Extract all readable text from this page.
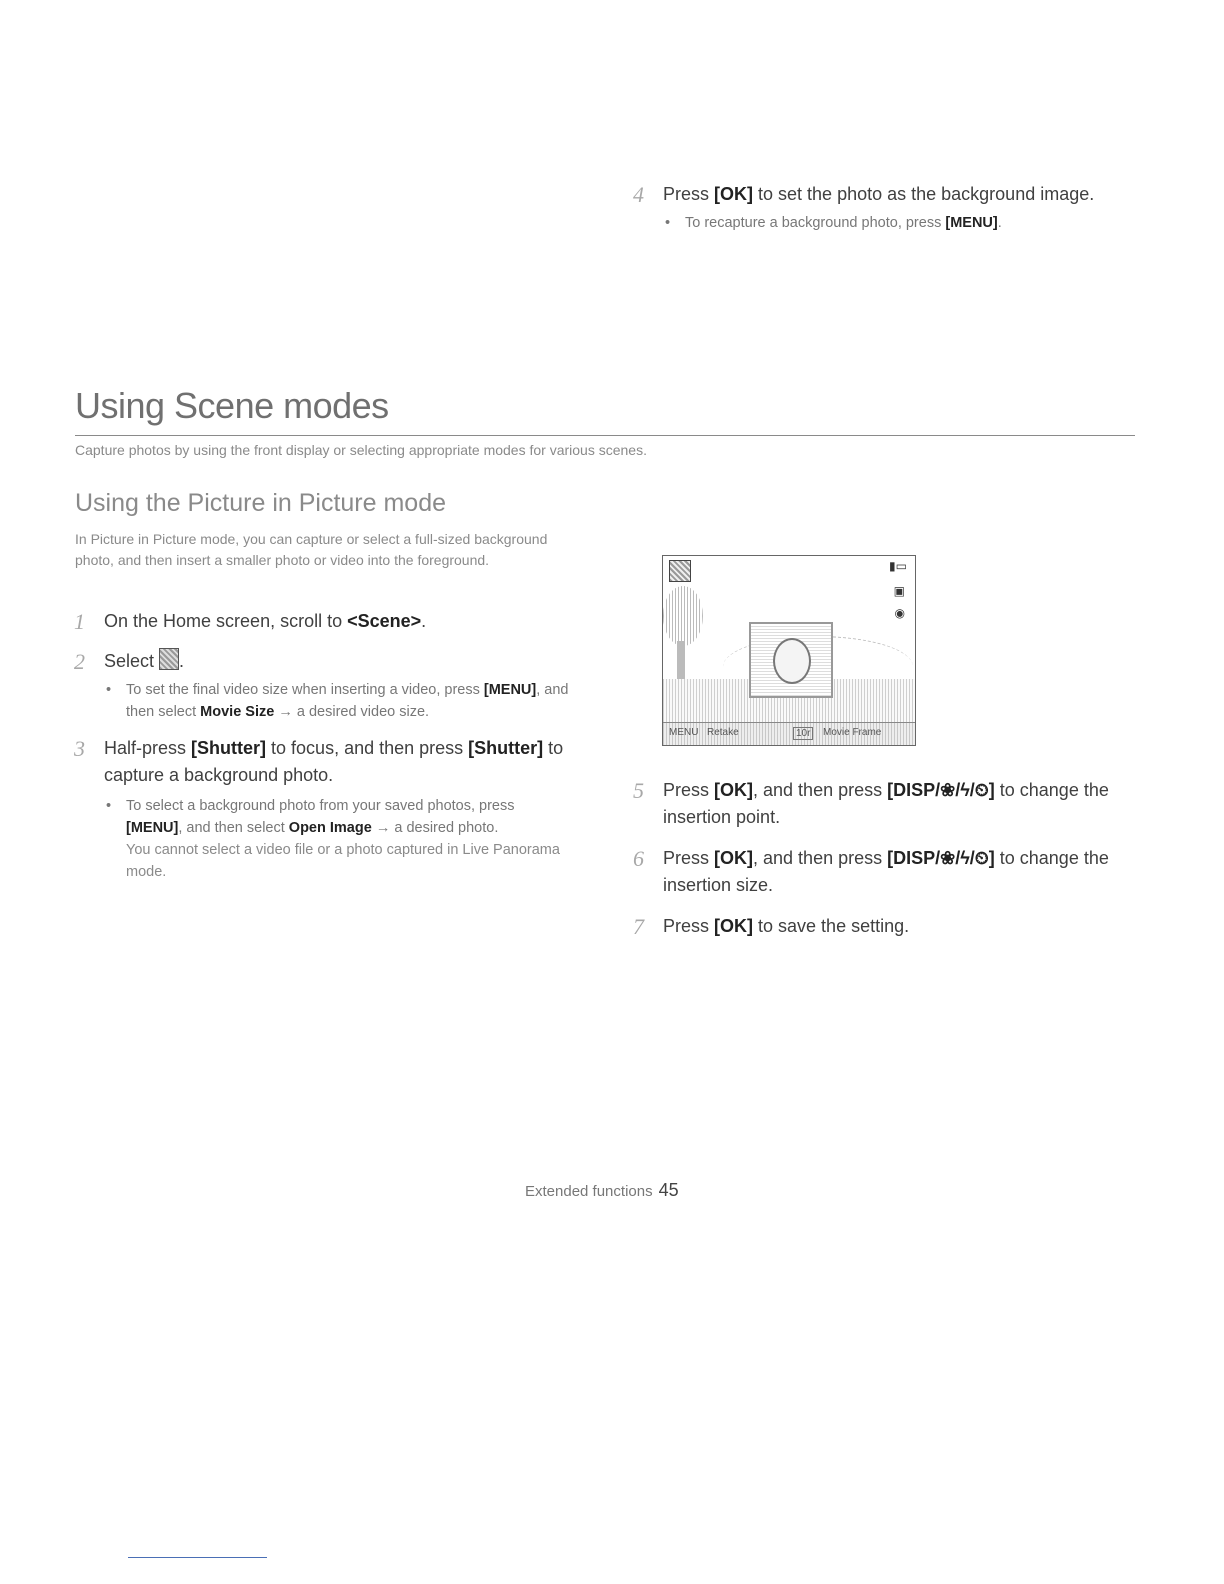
Using Scene modes
Capture photos by using the front display or selecting appropriate modes for various scenes.
Using the Picture in Picture mode
In Picture in Picture mode, you can capture or select a full-sized background photo, and then insert a smaller photo or video into the foreground.
1 On the Home screen, scroll to <Scene>.
2 Select .
• To set the final video size when inserting a video, press [MENU], and then select Movie Size → a desired video size.
3 Half-press [Shutter] to focus, and then press [Shutter] to capture a background photo.
• To select a background photo from your saved photos, press [MENU], and then select Open Image → a desired photo.
You cannot select a video file or a photo captured in Live Panorama mode.
4 Press [OK] to set the photo as the background image.
• To recapture a background photo, press [MENU].
▮▭
▣
◉
MENU Retake	10r	Movie Frame
5 Press [OK], and then press [DISP/❀/ϟ/⏲] to change the insertion point.
6 Press [OK], and then press [DISP/❀/ϟ/⏲] to change the insertion size.
7 Press [OK] to save the setting.
Extended functions 45
